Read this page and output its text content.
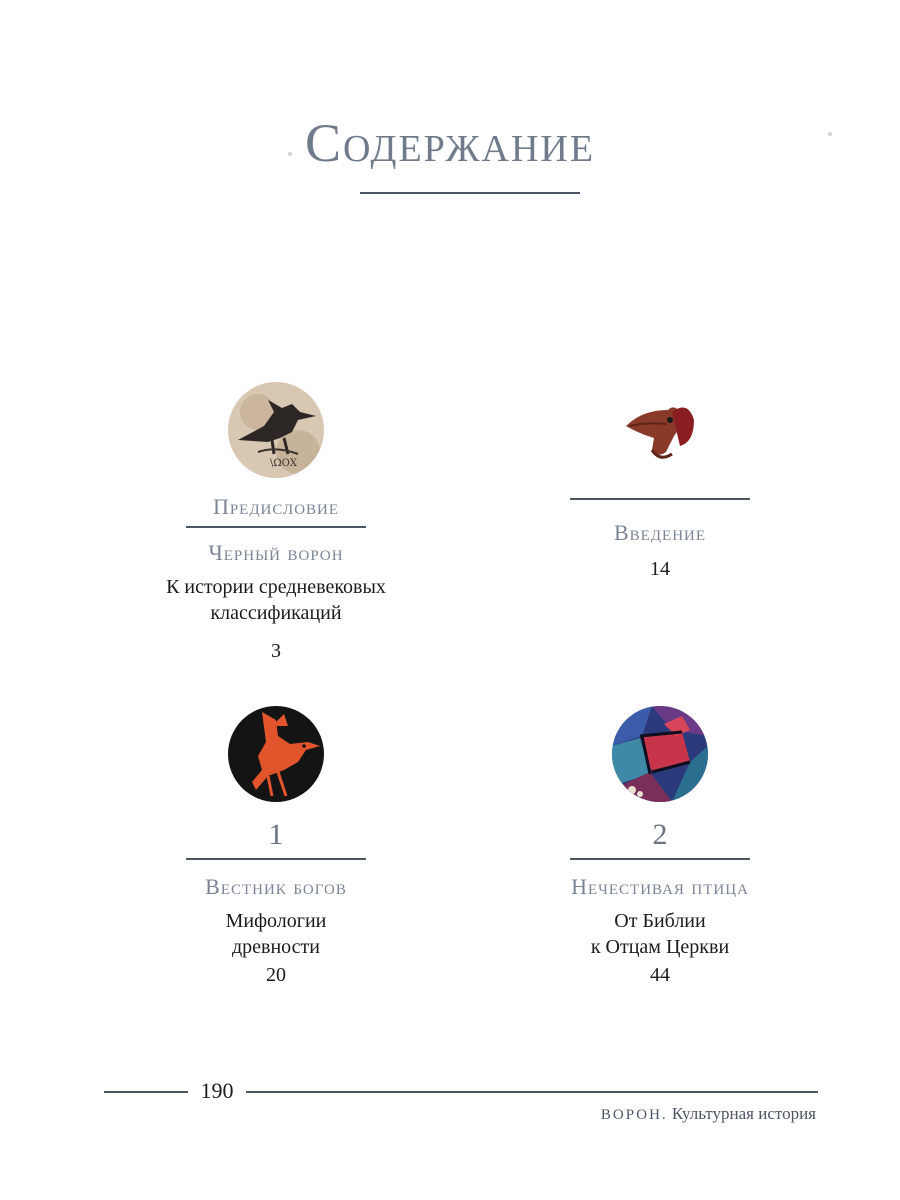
Содержание
\ΩΟΧ
Предисловие
Черный ворон
К истории средневековых
классификаций
3
Введение
14
1
Вестник богов
Мифологии
древности
20
2
Нечестивая птица
От Библии
к Отцам Церкви
44
190
ВОРОН. Культурная история
